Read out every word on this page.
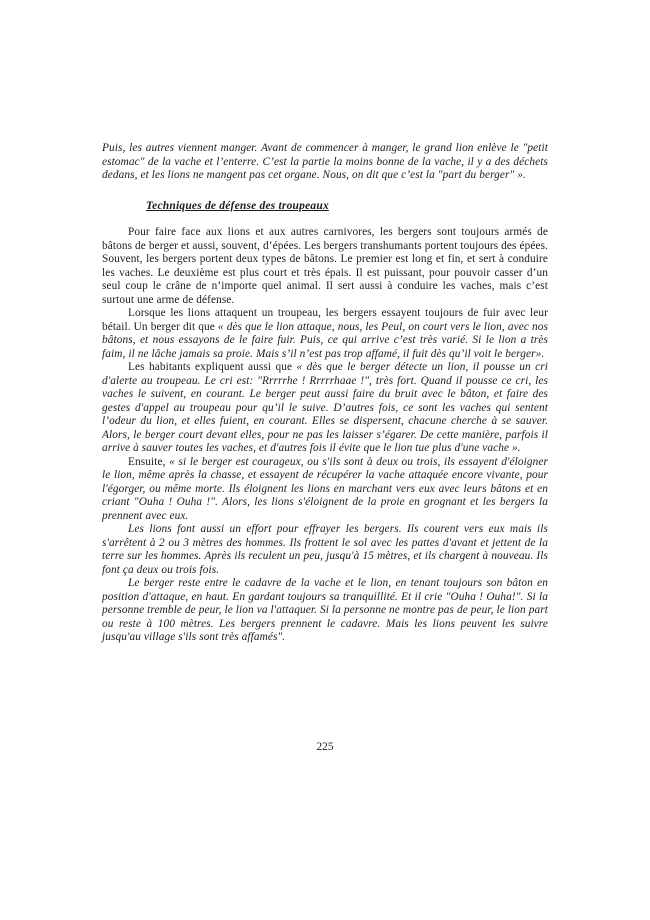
Puis, les autres viennent manger. Avant de commencer à manger, le grand lion enlève le "petit estomac" de la vache et l’enterre. C’est la partie la moins bonne de la vache, il y a des déchets dedans, et les lions ne mangent pas cet organe. Nous, on dit que c’est la "part du berger" ».

Techniques de défense des troupeaux

Pour faire face aux lions et aux autres carnivores, les bergers sont toujours armés de bâtons de berger et aussi, souvent, d’épées. Les bergers transhumants portent toujours des épées. Souvent, les bergers portent deux types de bâtons. Le premier est long et fin, et sert à conduire les vaches. Le deuxième est plus court et très épais. Il est puissant, pour pouvoir casser d’un seul coup le crâne de n’importe quel animal. Il sert aussi à conduire les vaches, mais c’est surtout une arme de défense.

Lorsque les lions attaquent un troupeau, les bergers essayent toujours de fuir avec leur bétail. Un berger dit que « dès que le lion attaque, nous, les Peul, on court vers le lion, avec nos bâtons, et nous essayons de le faire fuir. Puis, ce qui arrive c’est très varié. Si le lion a très faim, il ne lâche jamais sa proie. Mais s’il n’est pas trop affamé, il fuit dès qu’il voit le berger».

Les habitants expliquent aussi que « dès que le berger détecte un lion, il pousse un cri d'alerte au troupeau. Le cri est: "Rrrrrhe ! Rrrrrhaae !", très fort. Quand il pousse ce cri, les vaches le suivent, en courant. Le berger peut aussi faire du bruit avec le bâton, et faire des gestes d'appel au troupeau pour qu’il le suive. D’autres fois, ce sont les vaches qui sentent l’odeur du lion, et elles fuient, en courant. Elles se dispersent, chacune cherche à se sauver. Alors, le berger court devant elles, pour ne pas les laisser s’égarer. De cette manière, parfois il arrive à sauver toutes les vaches, et d'autres fois il évite que le lion tue plus d'une vache ».

Ensuite, « si le berger est courageux, ou s'ils sont à deux ou trois, ils essayent d'éloigner le lion, même après la chasse, et essayent de récupérer la vache attaquée encore vivante, pour l'égorger, ou même morte. Ils éloignent les lions en marchant vers eux avec leurs bâtons et en criant "Ouha ! Ouha !". Alors, les lions s'éloignent de la proie en grognant et les bergers la prennent avec eux.

Les lions font aussi un effort pour effrayer les bergers. Ils courent vers eux mais ils s'arrêtent à 2 ou 3 mètres des hommes. Ils frottent le sol avec les pattes d'avant et jettent de la terre sur les hommes. Après ils reculent un peu, jusqu'à 15 mètres, et ils chargent à nouveau. Ils font ça deux ou trois fois.

Le berger reste entre le cadavre de la vache et le lion, en tenant toujours son bâton en position d'attaque, en haut. En gardant toujours sa tranquillité. Et il crie "Ouha ! Ouha!". Si la personne tremble de peur, le lion va l'attaquer. Si la personne ne montre pas de peur, le lion part ou reste à 100 mètres. Les bergers prennent le cadavre. Mais les lions peuvent les suivre jusqu'au village s'ils sont très affamés".

225
